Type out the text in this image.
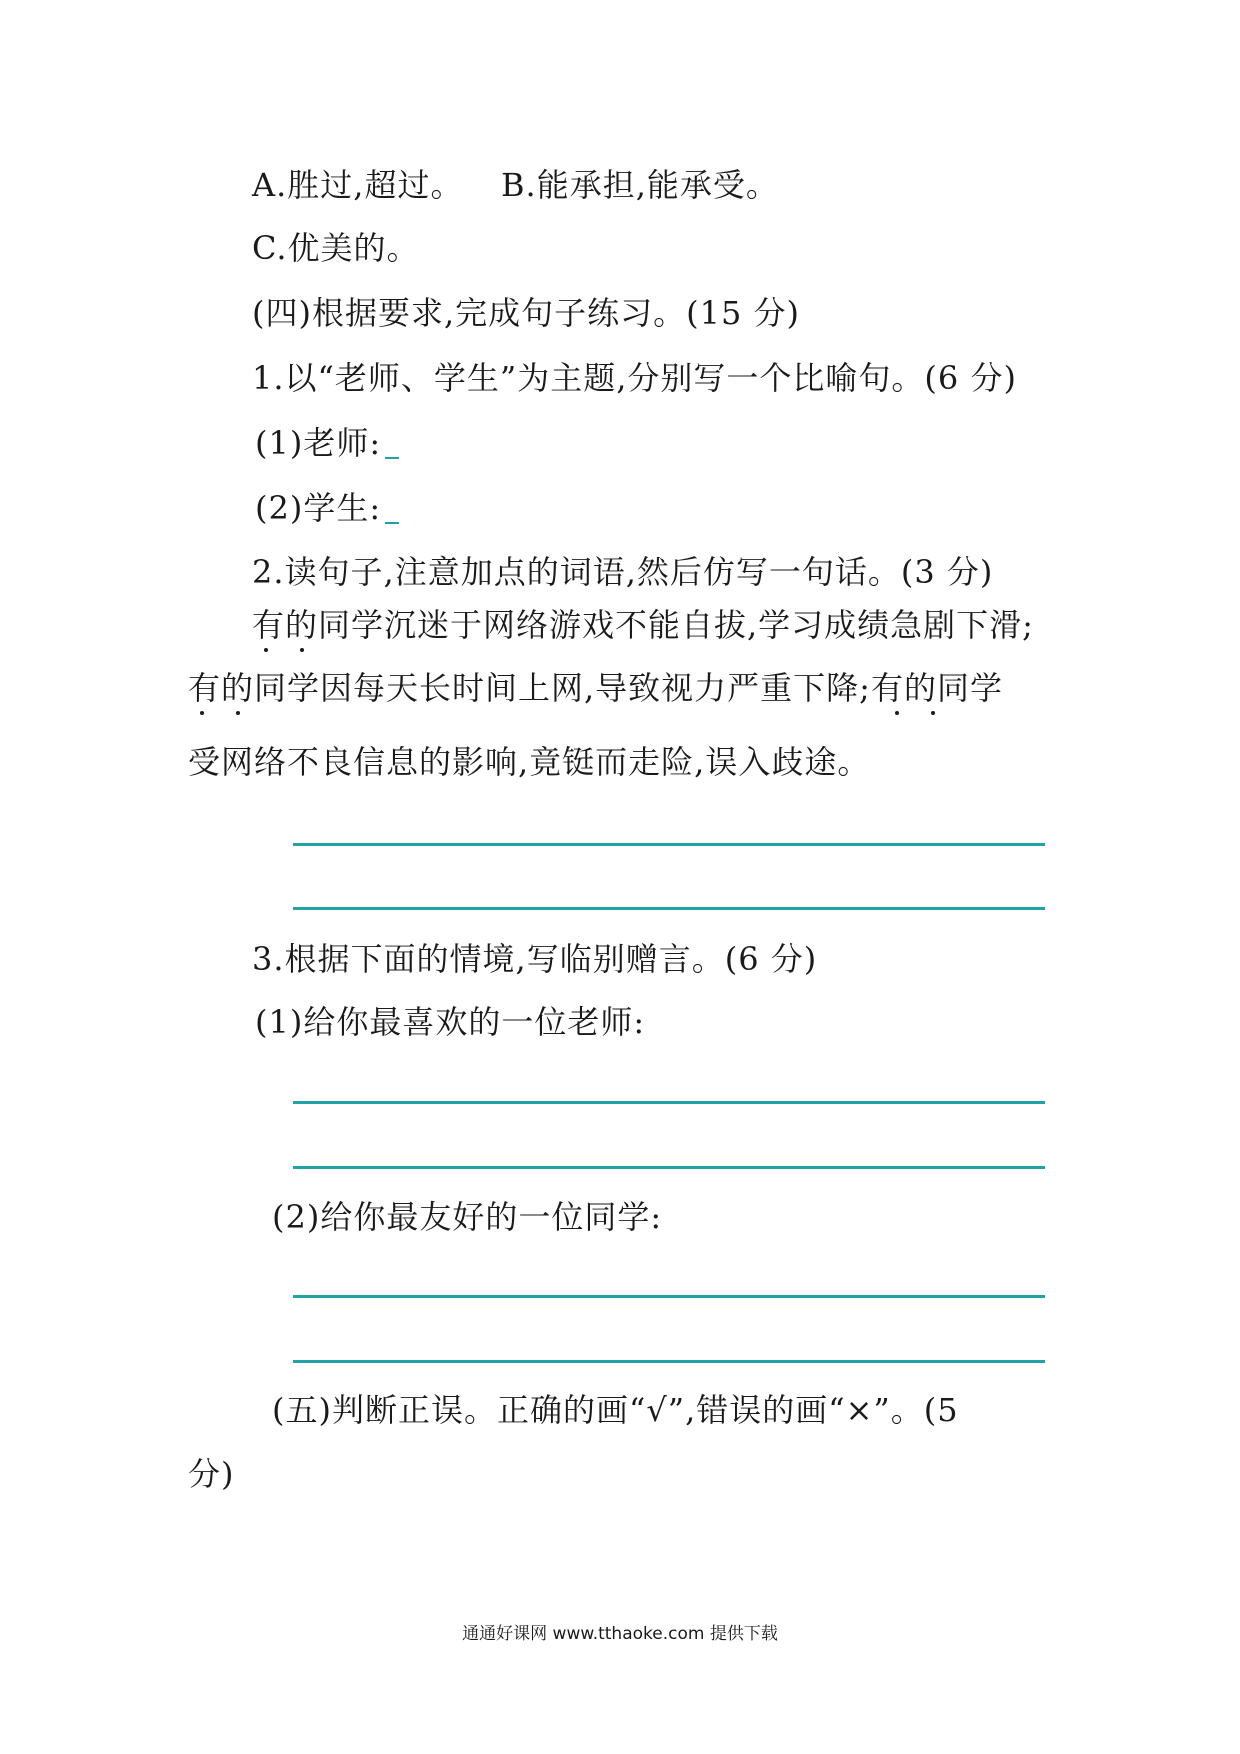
A.胜过,超过。 B.能承担,能承受。
C.优美的。
(四)根据要求,完成句子练习。(15 分)
1.以“老师、学生”为主题,分别写一个比喻句。(6 分)
(1)老师:
(2)学生:
2.读句子,注意加点的词语,然后仿写一句话。(3 分)
有的同学沉迷于网络游戏不能自拔,学习成绩急剧下滑;
有的同学因每天长时间上网,导致视力严重下降;有的同学
受网络不良信息的影响,竟铤而走险,误入歧途。
3.根据下面的情境,写临别赠言。(6 分)
(1)给你最喜欢的一位老师:
(2)给你最友好的一位同学:
(五)判断正误。正确的画“√”,错误的画“×”。(5
分)
通通好课网 www.tthaoke.com 提供下载
